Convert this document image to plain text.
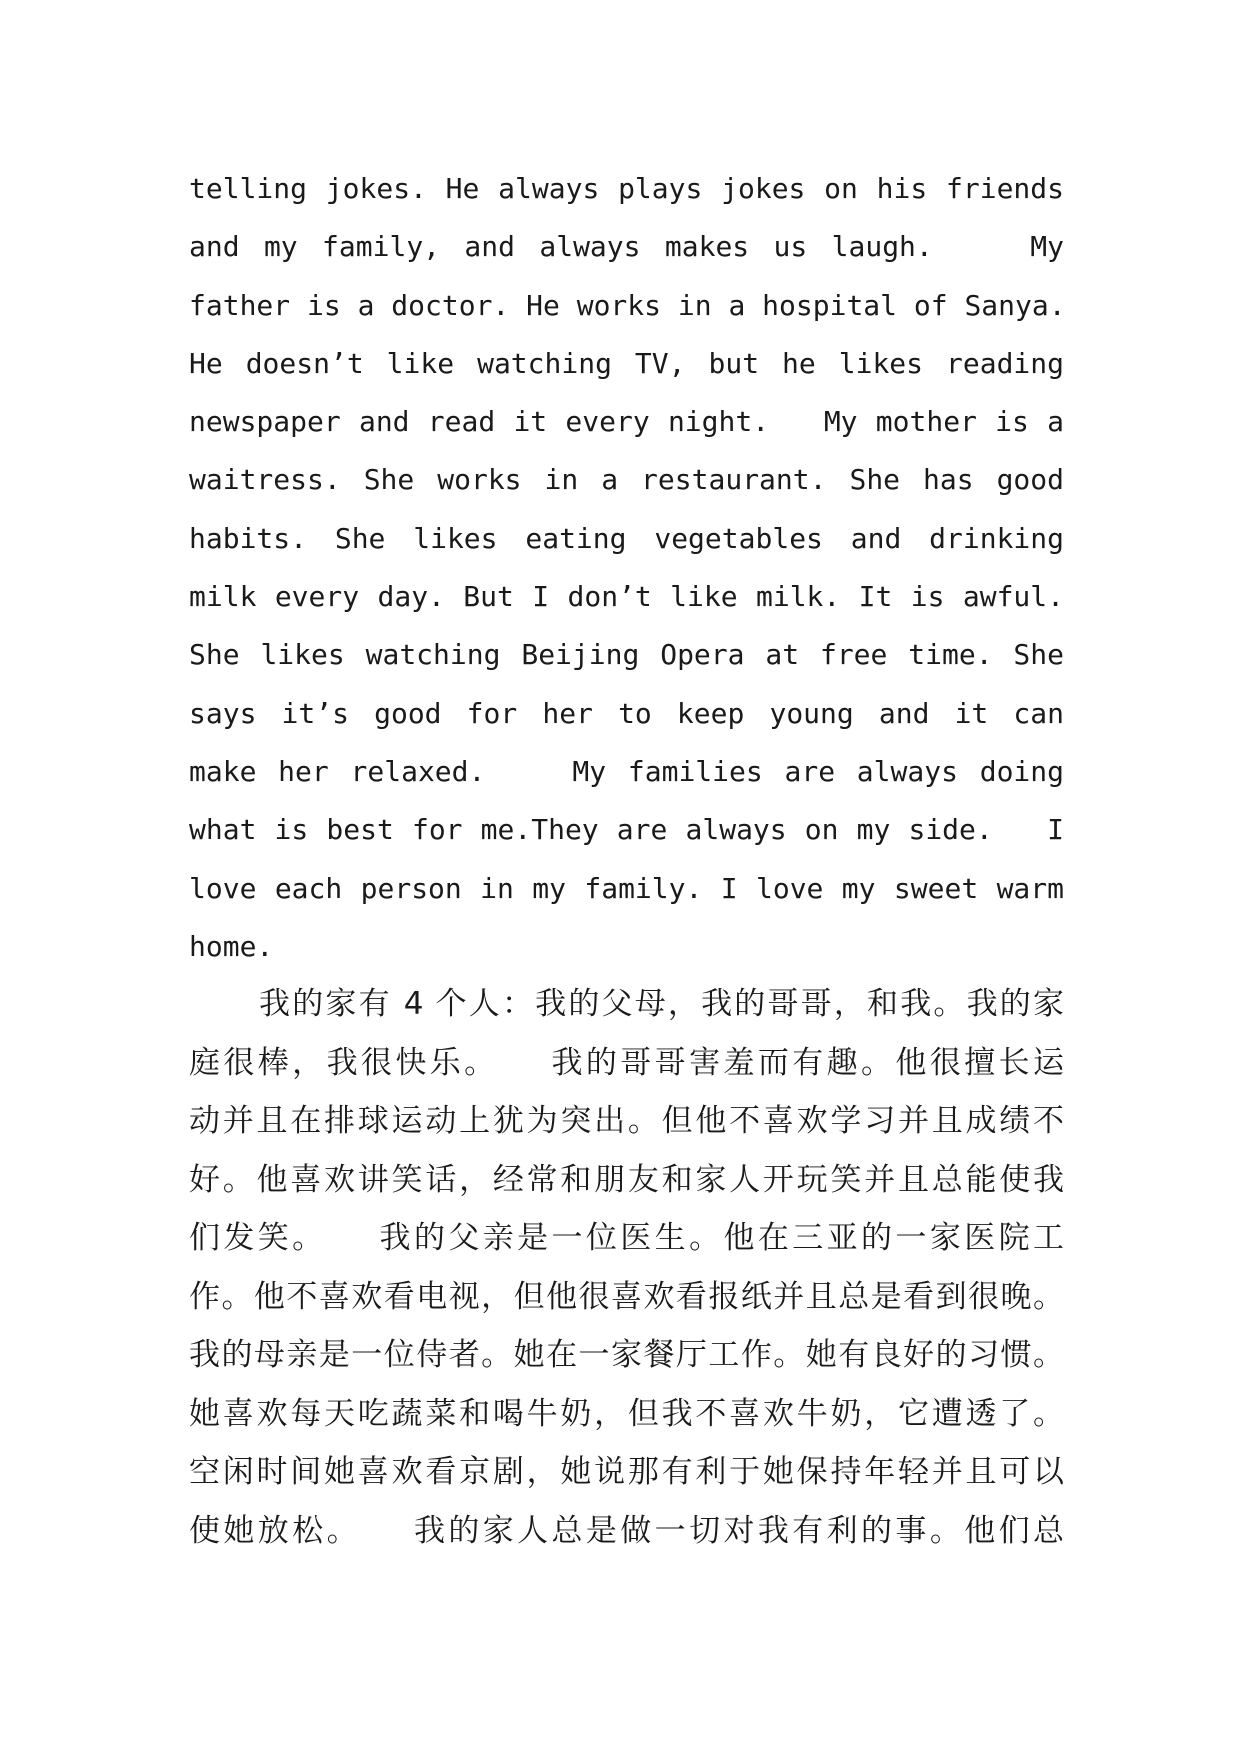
telling jokes. He always plays jokes on his friends
and my family, and always makes us laugh.    My
father is a doctor. He works in a hospital of Sanya.
He doesn’t like watching TV, but he likes reading
newspaper and read it every night.   My mother is a
waitress. She works in a restaurant. She has good
habits. She likes eating vegetables and drinking
milk every day. But I don’t like milk. It is awful.
She likes watching Beijing Opera at free time. She
says it’s good for her to keep young and it can
make her relaxed.    My families are always doing
what is best for me.They are always on my side.   I
love each person in my family. I love my sweet warm
home.
我的家有 4 个人：我的父母，我的哥哥，和我。我的家
庭很棒，我很快乐。    我的哥哥害羞而有趣。他很擅长运
动并且在排球运动上犹为突出。但他不喜欢学习并且成绩不
好。他喜欢讲笑话，经常和朋友和家人开玩笑并且总能使我
们发笑。    我的父亲是一位医生。他在三亚的一家医院工
作。他不喜欢看电视，但他很喜欢看报纸并且总是看到很晚。
我的母亲是一位侍者。她在一家餐厅工作。她有良好的习惯。
她喜欢每天吃蔬菜和喝牛奶，但我不喜欢牛奶，它遭透了。
空闲时间她喜欢看京剧，她说那有利于她保持年轻并且可以
使她放松。    我的家人总是做一切对我有利的事。他们总
